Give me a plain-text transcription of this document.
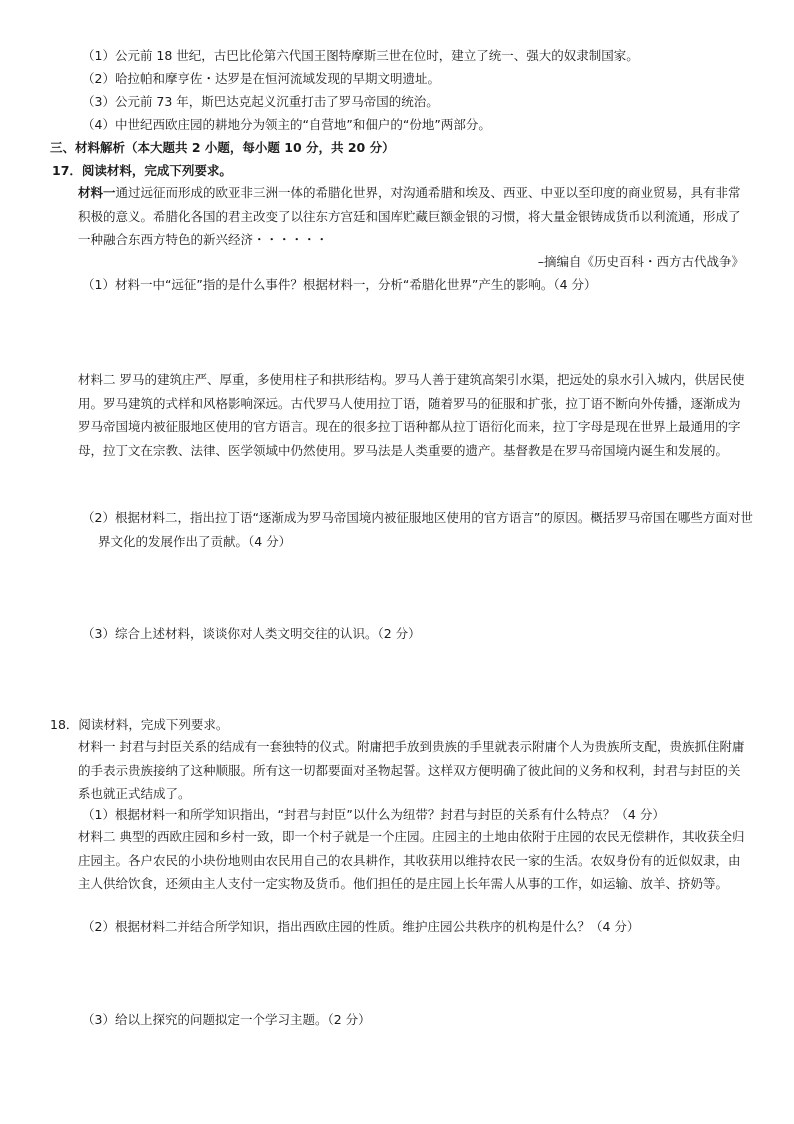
（1）公元前 18 世纪，古巴比伦第六代国王图特摩斯三世在位时，建立了统一、强大的奴隶制国家。
（2）哈拉帕和摩亨佐・达罗是在恒河流域发现的早期文明遗址。
（3）公元前 73 年，斯巴达克起义沉重打击了罗马帝国的统治。
（4）中世纪西欧庄园的耕地分为领主的“自营地”和佃户的“份地”两部分。
三、材料解析（本大题共 2 小题，每小题 10 分，共 20 分）
17．阅读材料，完成下列要求。
材料一通过远征而形成的欧亚非三洲一体的希腊化世界，对沟通希腊和埃及、西亚、中亚以至印度的商业贸易，具有非常积极的意义。希腊化各国的君主改变了以往东方宫廷和国库贮藏巨额金银的习惯，将大量金银铸成货币以利流通，形成了一种融合东西方特色的新兴经济・・・・・・
–摘编自《历史百科・西方古代战争》
（1）材料一中“远征”指的是什么事件？根据材料一，分析“希腊化世界”产生的影响。（4 分）
材料二 罗马的建筑庄严、厚重，多使用柱子和拱形结构。罗马人善于建筑高架引水渠，把远处的泉水引入城内，供居民使用。罗马建筑的式样和风格影响深远。古代罗马人使用拉丁语，随着罗马的征服和扩张，拉丁语不断向外传播，逐渐成为罗马帝国境内被征服地区使用的官方语言。现在的很多拉丁语种都从拉丁语衍化而来，拉丁字母是现在世界上最通用的字母，拉丁文在宗教、法律、医学领域中仍然使用。罗马法是人类重要的遗产。基督教是在罗马帝国境内诞生和发展的。
（2）根据材料二，指出拉丁语“逐渐成为罗马帝国境内被征服地区使用的官方语言”的原因。概括罗马帝国在哪些方面对世界文化的发展作出了贡献。（4 分）
（3）综合上述材料，谈谈你对人类文明交往的认识。（2 分）
18．阅读材料，完成下列要求。
材料一 封君与封臣关系的结成有一套独特的仪式。附庸把手放到贵族的手里就表示附庸个人为贵族所支配，贵族抓住附庸的手表示贵族接纳了这种顺服。所有这一切都要面对圣物起誓。这样双方便明确了彼此间的义务和权利，封君与封臣的关系也就正式结成了。
（1）根据材料一和所学知识指出，“封君与封臣”以什么为纽带？封君与封臣的关系有什么特点？（4 分）
材料二 典型的西欧庄园和乡村一致，即一个村子就是一个庄园。庄园主的土地由依附于庄园的农民无偿耕作，其收获全归庄园主。各户农民的小块份地则由农民用自己的农具耕作，其收获用以维持农民一家的生活。农奴身份有的近似奴隶，由主人供给饮食，还须由主人支付一定实物及货币。他们担任的是庄园上长年需人从事的工作，如运输、放羊、挤奶等。
（2）根据材料二并结合所学知识，指出西欧庄园的性质。维护庄园公共秩序的机构是什么？（4 分）
（3）给以上探究的问题拟定一个学习主题。（2 分）
